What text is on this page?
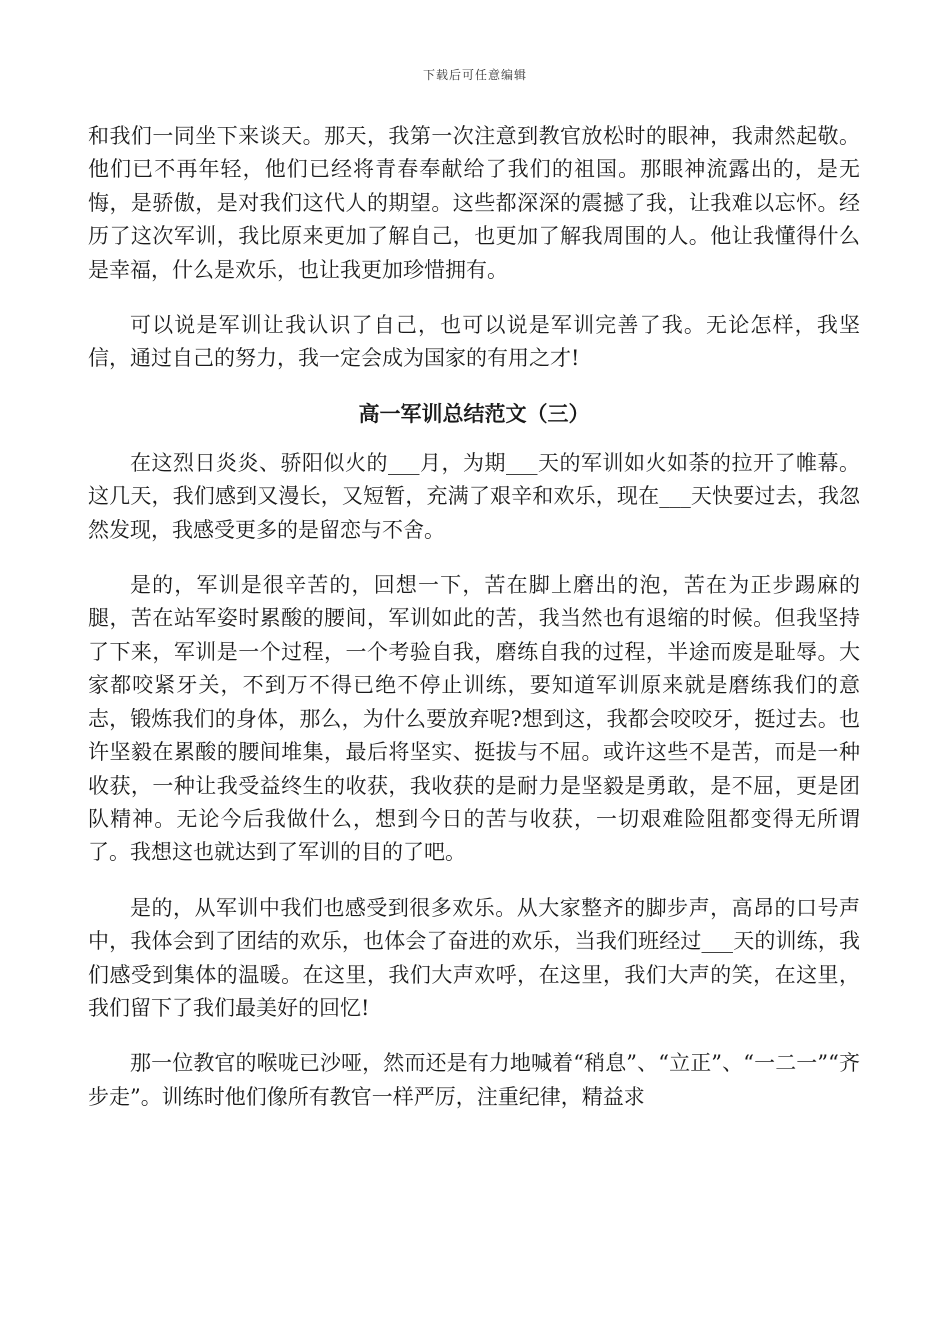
下载后可任意编辑

和我们一同坐下来谈天。那天，我第一次注意到教官放松时的眼神，我肃然起敬。他们已不再年轻，他们已经将青春奉献给了我们的祖国。那眼神流露出的，是无悔，是骄傲，是对我们这代人的期望。这些都深深的震撼了我，让我难以忘怀。经历了这次军训，我比原来更加了解自己，也更加了解我周围的人。他让我懂得什么是幸福，什么是欢乐，也让我更加珍惜拥有。

可以说是军训让我认识了自己，也可以说是军训完善了我。无论怎样，我坚信，通过自己的努力，我一定会成为国家的有用之才!

高一军训总结范文（三）

在这烈日炎炎、骄阳似火的___月，为期___天的军训如火如荼的拉开了帷幕。这几天，我们感到又漫长，又短暂，充满了艰辛和欢乐，现在___天快要过去，我忽然发现，我感受更多的是留恋与不舍。

是的，军训是很辛苦的，回想一下，苦在脚上磨出的泡，苦在为正步踢麻的腿，苦在站军姿时累酸的腰间，军训如此的苦，我当然也有退缩的时候。但我坚持了下来，军训是一个过程，一个考验自我，磨练自我的过程，半途而废是耻辱。大家都咬紧牙关，不到万不得已绝不停止训练，要知道军训原来就是磨练我们的意志，锻炼我们的身体，那么，为什么要放弃呢?想到这，我都会咬咬牙，挺过去。也许坚毅在累酸的腰间堆集，最后将坚实、挺拔与不屈。或许这些不是苦，而是一种收获，一种让我受益终生的收获，我收获的是耐力是坚毅是勇敢，是不屈，更是团队精神。无论今后我做什么，想到今日的苦与收获，一切艰难险阻都变得无所谓了。我想这也就达到了军训的目的了吧。

是的，从军训中我们也感受到很多欢乐。从大家整齐的脚步声，高昂的口号声中，我体会到了团结的欢乐，也体会了奋进的欢乐，当我们班经过___天的训练，我们感受到集体的温暖。在这里，我们大声欢呼，在这里，我们大声的笑，在这里，我们留下了我们最美好的回忆!

那一位教官的喉咙已沙哑，然而还是有力地喊着“稍息”、“立正”、“一二一”“齐步走”。训练时他们像所有教官一样严厉，注重纪律，精益求
